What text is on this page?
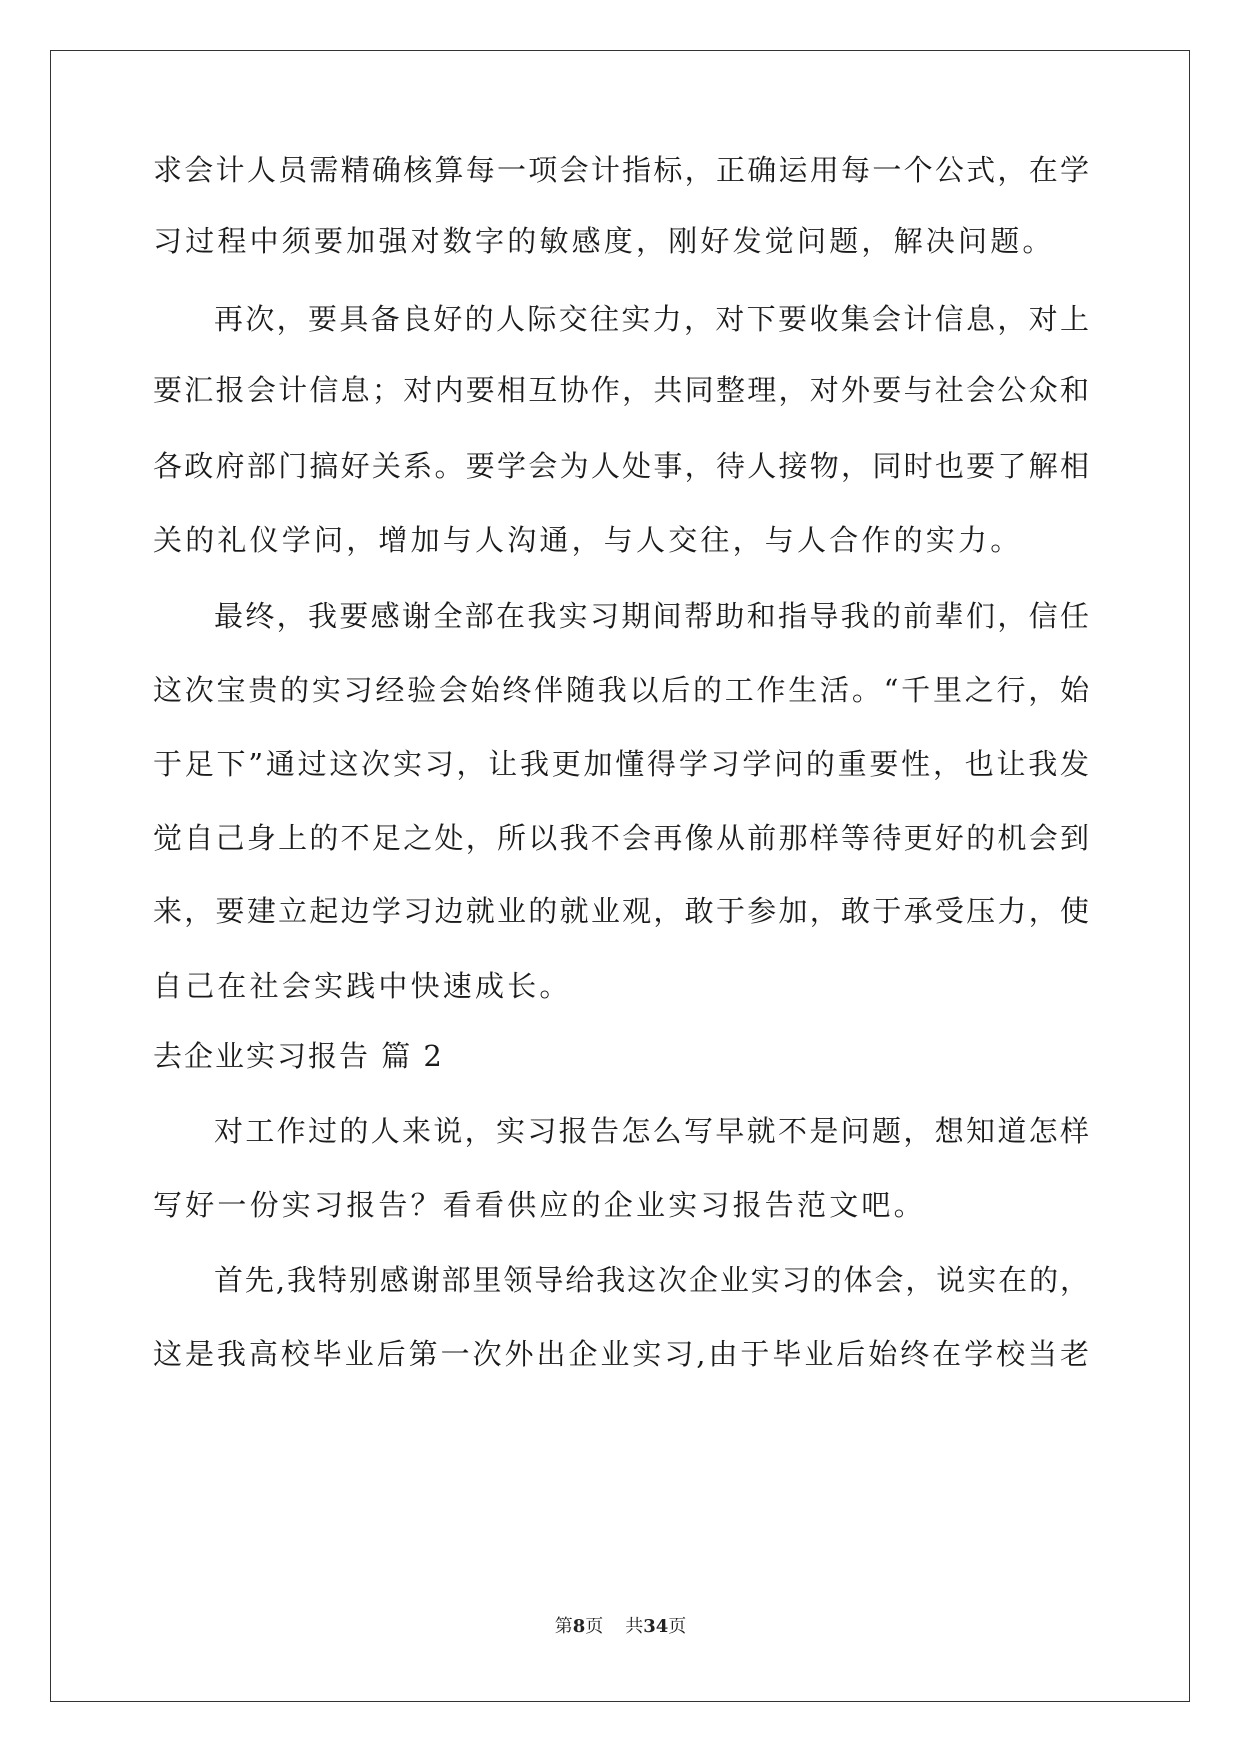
求会计人员需精确核算每一项会计指标，正确运用每一个公式，在学
习过程中须要加强对数字的敏感度，刚好发觉问题，解决问题。
再次，要具备良好的人际交往实力，对下要收集会计信息，对上
要汇报会计信息；对内要相互协作，共同整理，对外要与社会公众和
各政府部门搞好关系。要学会为人处事，待人接物，同时也要了解相
关的礼仪学问，增加与人沟通，与人交往，与人合作的实力。
最终，我要感谢全部在我实习期间帮助和指导我的前辈们，信任
这次宝贵的实习经验会始终伴随我以后的工作生活。“千里之行，始
于足下”通过这次实习，让我更加懂得学习学问的重要性，也让我发
觉自己身上的不足之处，所以我不会再像从前那样等待更好的机会到
来，要建立起边学习边就业的就业观，敢于参加，敢于承受压力，使
自己在社会实践中快速成长。
去企业实习报告 篇 2
对工作过的人来说，实习报告怎么写早就不是问题，想知道怎样
写好一份实习报告？看看供应的企业实习报告范文吧。
首先,我特别感谢部里领导给我这次企业实习的体会，说实在的，
这是我高校毕业后第一次外出企业实习,由于毕业后始终在学校当老
第8页 共34页
